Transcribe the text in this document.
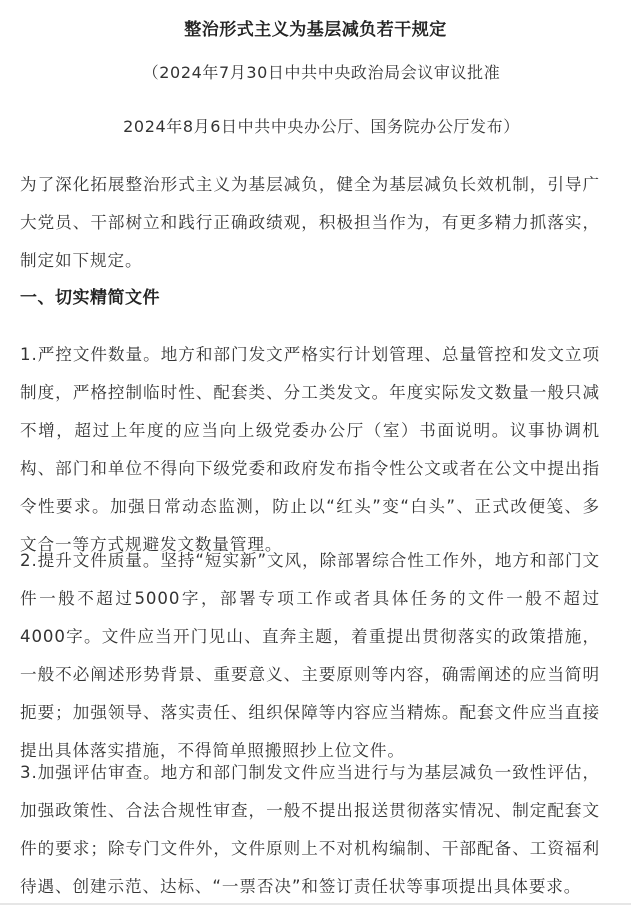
整治形式主义为基层减负若干规定
（2024年7月30日中共中央政治局会议审议批准
2024年8月6日中共中央办公厅、国务院办公厅发布）

为了深化拓展整治形式主义为基层减负，健全为基层减负长效机制，引导广大党员、干部树立和践行正确政绩观，积极担当作为，有更多精力抓落实，制定如下规定。

一、切实精简文件

1.严控文件数量。地方和部门发文严格实行计划管理、总量管控和发文立项制度，严格控制临时性、配套类、分工类发文。年度实际发文数量一般只减不增，超过上年度的应当向上级党委办公厅（室）书面说明。议事协调机构、部门和单位不得向下级党委和政府发布指令性公文或者在公文中提出指令性要求。加强日常动态监测，防止以“红头”变“白头”、正式改便笺、多文合一等方式规避发文数量管理。

2.提升文件质量。坚持“短实新”文风，除部署综合性工作外，地方和部门文件一般不超过5000字，部署专项工作或者具体任务的文件一般不超过4000字。文件应当开门见山、直奔主题，着重提出贯彻落实的政策措施，一般不必阐述形势背景、重要意义、主要原则等内容，确需阐述的应当简明扼要；加强领导、落实责任、组织保障等内容应当精炼。配套文件应当直接提出具体落实措施，不得简单照搬照抄上位文件。

3.加强评估审查。地方和部门制发文件应当进行与为基层减负一致性评估，加强政策性、合法合规性审查，一般不提出报送贯彻落实情况、制定配套文件的要求；除专门文件外，文件原则上不对机构编制、干部配备、工资福利待遇、创建示范、达标、“一票否决”和签订责任状等事项提出具体要求。
